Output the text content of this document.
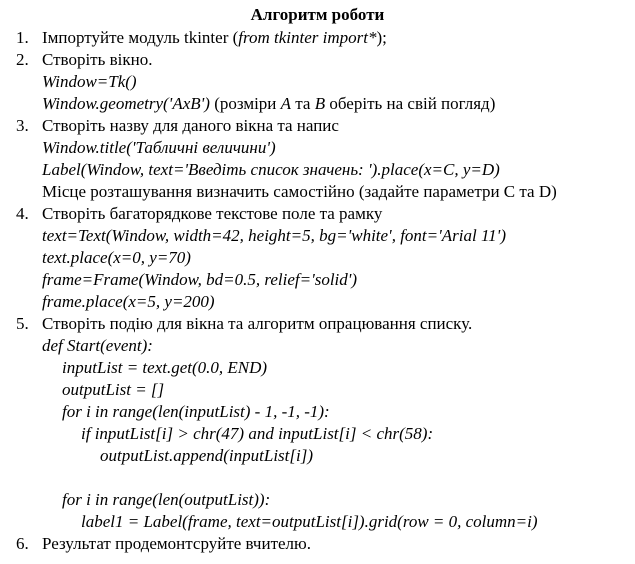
Алгоритм роботи
1. Імпортуйте модуль tkinter (from tkinter import*);
2. Створіть вікно.
Window=Tk()
Window.geometry('AxB') (розміри A та B оберіть на свій погляд)
3. Створіть назву для даного вікна та напис
Window.title('Табличні величини')
Label(Window, text='Введіть список значень: ').place(x=C, y=D)
Місце розташування визначить самостійно (задайте параметри C та D)
4. Створіть багаторядкове текстове поле та рамку
text=Text(Window, width=42, height=5, bg='white', font='Arial 11')
text.place(x=0, y=70)
frame=Frame(Window, bd=0.5, relief='solid')
frame.place(x=5, y=200)
5. Створіть подію для вікна та алгоритм опрацювання списку.
def Start(event):
inputList = text.get(0.0, END)
outputList = []
for i in range(len(inputList) - 1, -1, -1):
if inputList[i] > chr(47) and inputList[i] < chr(58):
outputList.append(inputList[i])
for i in range(len(outputList)):
label1 = Label(frame, text=outputList[i]).grid(row = 0, column=i)
6. Результат продемонтсруйте вчителю.
